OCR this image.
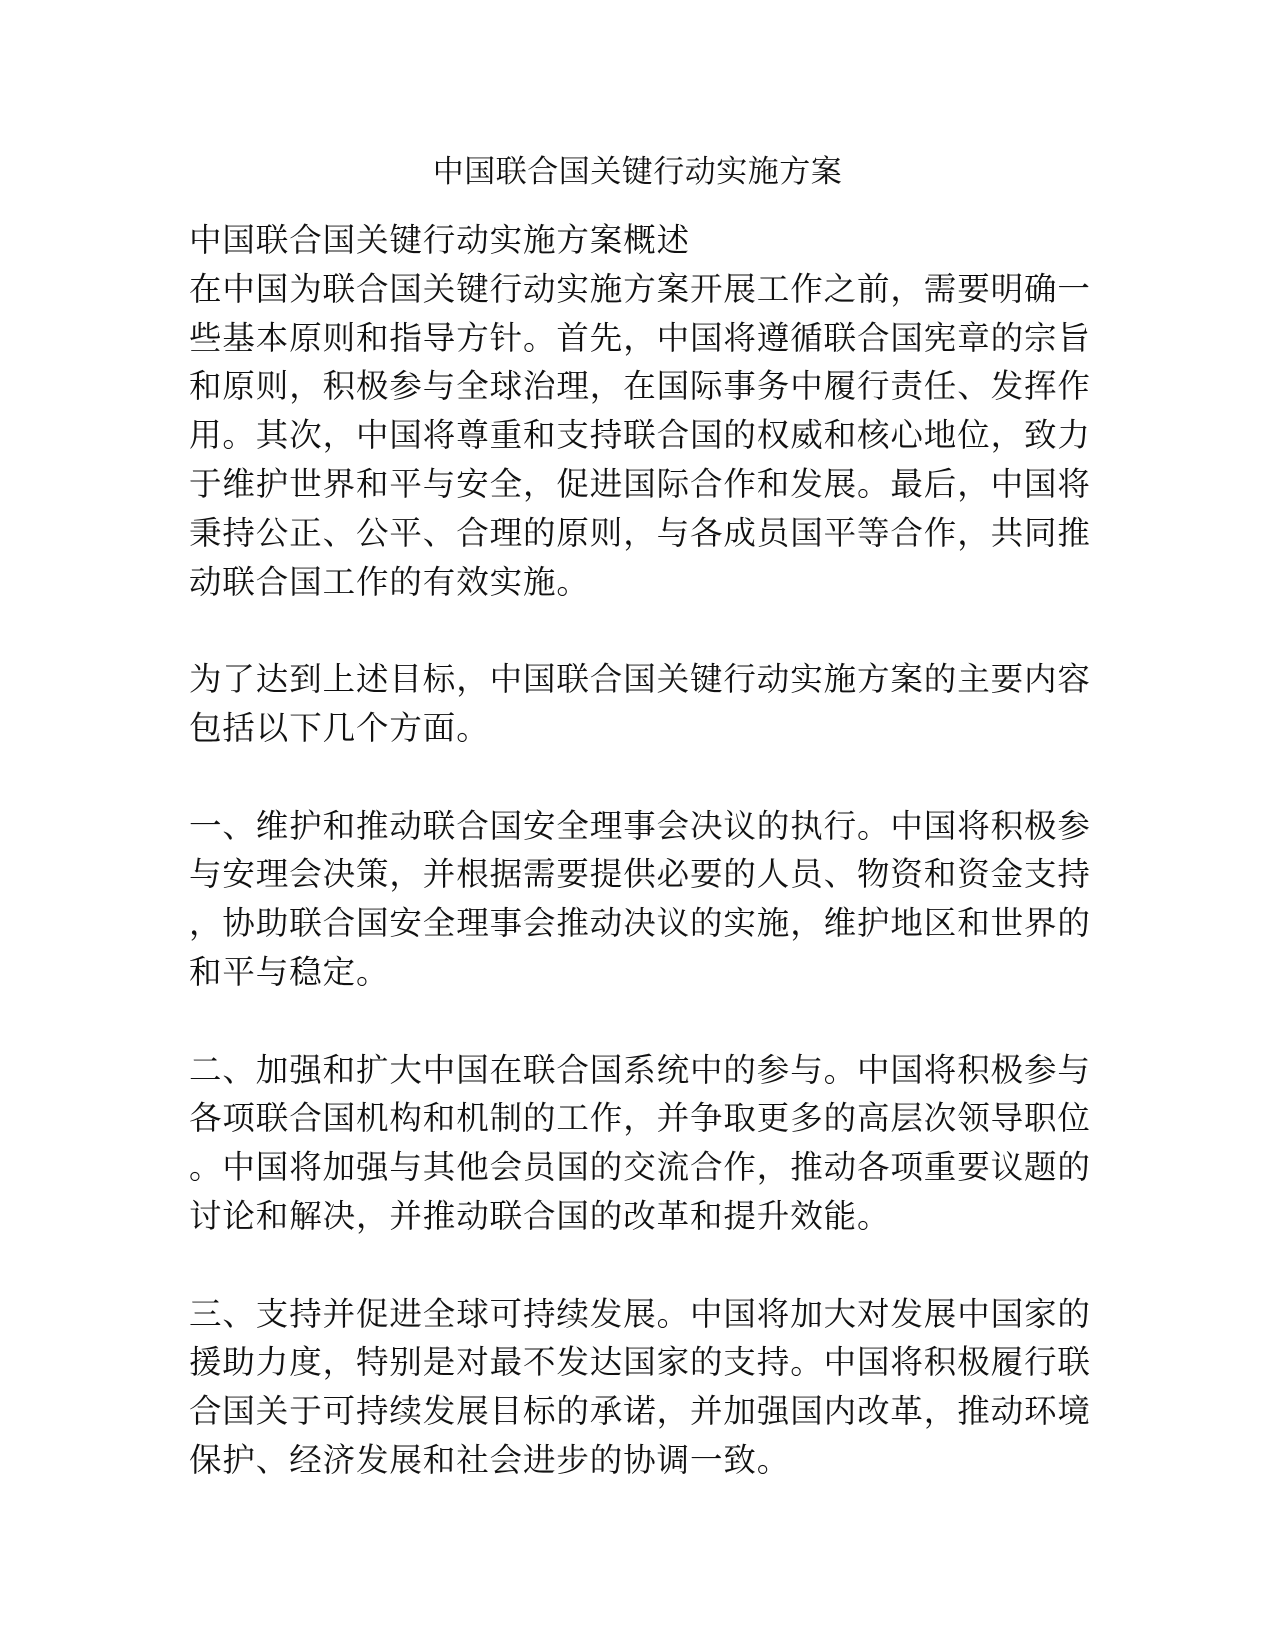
中国联合国关键行动实施方案
中国联合国关键行动实施方案概述
在中国为联合国关键行动实施方案开展工作之前，需要明确一
些基本原则和指导方针。首先，中国将遵循联合国宪章的宗旨
和原则，积极参与全球治理，在国际事务中履行责任、发挥作
用。其次，中国将尊重和支持联合国的权威和核心地位，致力
于维护世界和平与安全，促进国际合作和发展。最后，中国将
秉持公正、公平、合理的原则，与各成员国平等合作，共同推
动联合国工作的有效实施。
为了达到上述目标，中国联合国关键行动实施方案的主要内容
包括以下几个方面。
一、维护和推动联合国安全理事会决议的执行。中国将积极参
与安理会决策，并根据需要提供必要的人员、物资和资金支持
，协助联合国安全理事会推动决议的实施，维护地区和世界的
和平与稳定。
二、加强和扩大中国在联合国系统中的参与。中国将积极参与
各项联合国机构和机制的工作，并争取更多的高层次领导职位
。中国将加强与其他会员国的交流合作，推动各项重要议题的
讨论和解决，并推动联合国的改革和提升效能。
三、支持并促进全球可持续发展。中国将加大对发展中国家的
援助力度，特别是对最不发达国家的支持。中国将积极履行联
合国关于可持续发展目标的承诺，并加强国内改革，推动环境
保护、经济发展和社会进步的协调一致。
